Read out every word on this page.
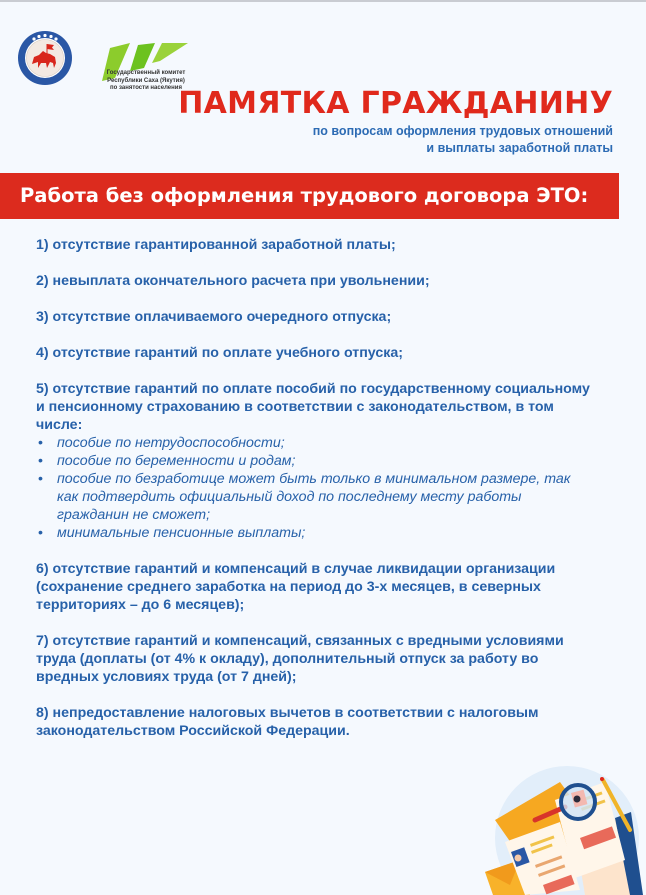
Государственный комитет
Республики Саха (Якутия)
по занятости населения
ПАМЯТКА ГРАЖДАНИНУ
по вопросам оформления трудовых отношений
и выплаты заработной платы
Работа без оформления трудового договора ЭТО:

1) отсутствие гарантированной заработной платы;

2) невыплата окончательного расчета при увольнении;

3) отсутствие оплачиваемого очередного отпуска;

4) отсутствие гарантий по оплате учебного отпуска;

5) отсутствие гарантий по оплате пособий по государственному социальному и пенсионному страхованию в соответствии с законодательством, в том числе:

• пособие по нетрудоспособности;
• пособие по беременности и родам;
• пособие по безработице может быть только в минимальном размере, так как подтвердить официальный доход по последнему месту работы гражданин не сможет;
• минимальные пенсионные выплаты;

6) отсутствие гарантий и компенсаций в случае ликвидации организации (сохранение среднего заработка на период до 3-х месяцев, в северных территориях – до 6 месяцев);

7) отсутствие гарантий и компенсаций, связанных с вредными условиями труда (доплаты (от 4% к окладу), дополнительный отпуск за работу во вредных условиях труда (от 7 дней);

8) непредоставление налоговых вычетов в соответствии с налоговым законодательством Российской Федерации.
